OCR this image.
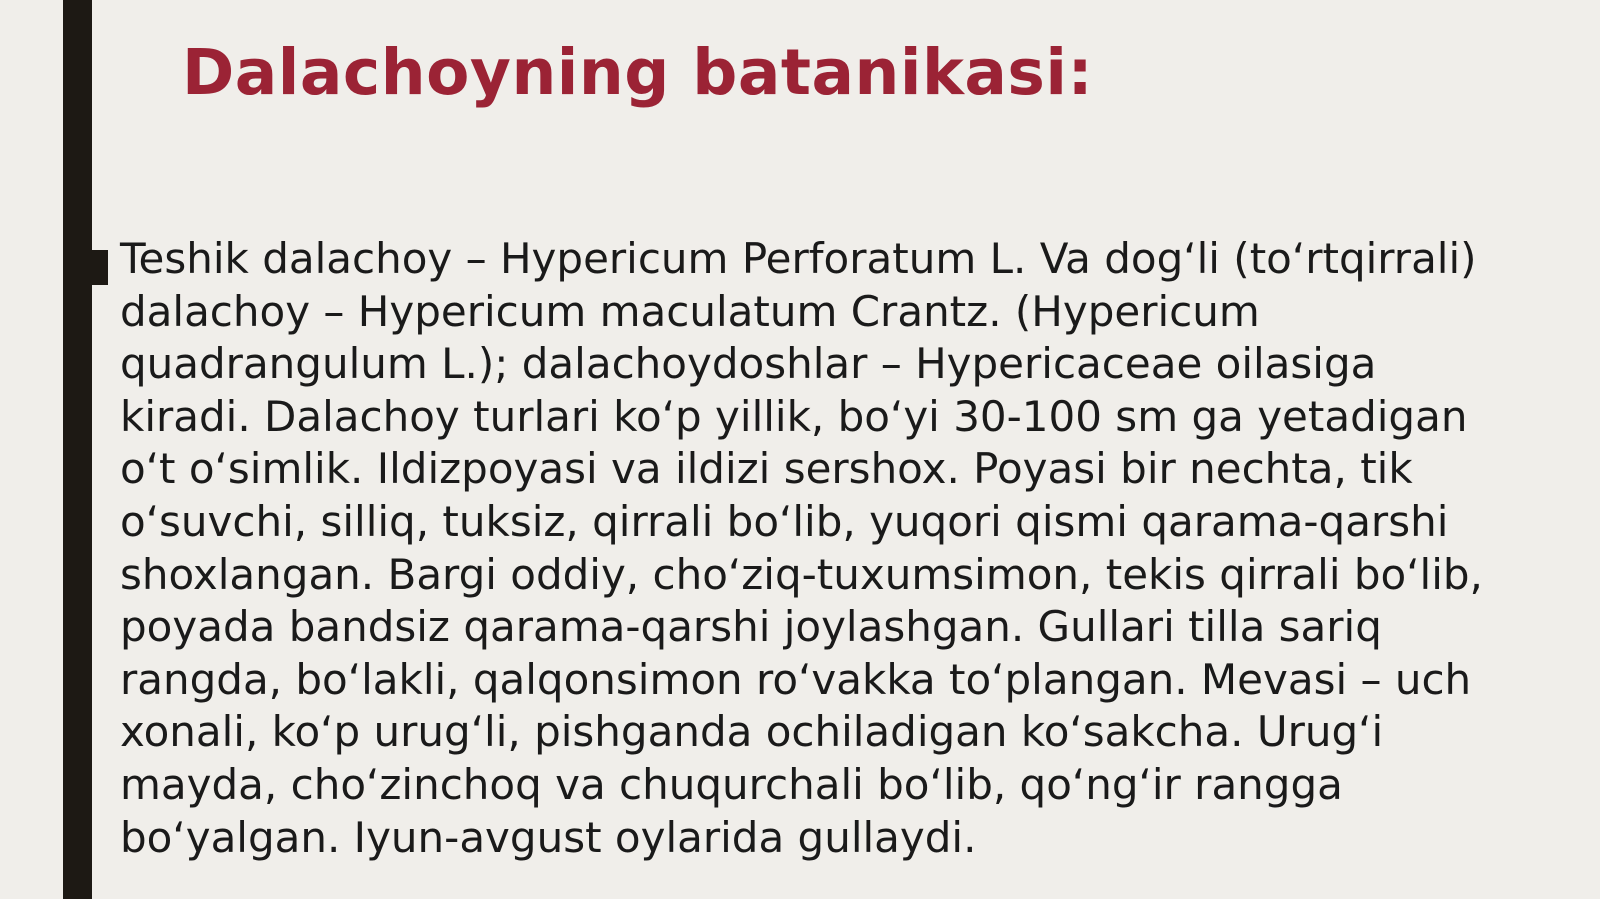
Dalachoyning batanikasi:

Teshik dalachoy – Hypericum Perforatum L. Va dog‘li (to‘rtqirrali)
dalachoy – Hypericum maculatum Crantz. (Hypericum
quadrangulum L.); dalachoydoshlar – Hypericaceae oilasiga
kiradi. Dalachoy turlari ko‘p yillik, bo‘yi 30-100 sm ga yetadigan
o‘t o‘simlik. Ildizpoyasi va ildizi sershox. Poyasi bir nechta, tik
o‘suvchi, silliq, tuksiz, qirrali bo‘lib, yuqori qismi qarama-qarshi
shoxlangan. Bargi oddiy, cho‘ziq-tuxumsimon, tekis qirrali bo‘lib,
poyada bandsiz qarama-qarshi joylashgan. Gullari tilla sariq
rangda, bo‘lakli, qalqonsimon ro‘vakka to‘plangan. Mevasi – uch
xonali, ko‘p urug‘li, pishganda ochiladigan ko‘sakcha. Urug‘i
mayda, cho‘zinchoq va chuqurchali bo‘lib, qo‘ng‘ir rangga
bo‘yalgan. Iyun-avgust oylarida gullaydi.
